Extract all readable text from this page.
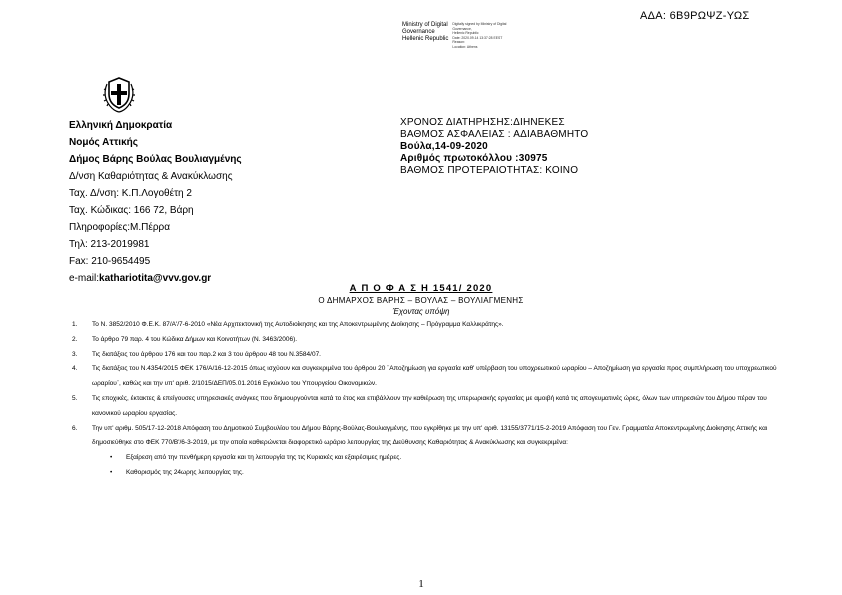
ΑΔΑ: 6Β9ΡΩΨΖ-ΥΩΣ
Ministry of Digital
Governance
Hellenic Republic
Digitally signed by Ministry of Digital Governance,
Hellenic Republic
Date: 2020.09.14 13:37:28 EEST
Reason:
Location: Athens
Ελληνική Δημοκρατία
Νομός Αττικής
Δήμος Βάρης Βούλας Βουλιαγμένης
Δ/νση Καθαριότητας & Ανακύκλωσης
Ταχ. Δ/νση: Κ.Π.Λογοθέτη 2
Ταχ. Κώδικας: 166 72, Βάρη
Πληροφορίες:Μ.Πέρρα
Τηλ: 213-2019981
Fax: 210-9654495
e-mail:kathariotita@vvv.gov.gr
ΧΡΟΝΟΣ ΔΙΑΤΗΡΗΣΗΣ:ΔΙΗΝΕΚΕΣ
ΒΑΘΜΟΣ ΑΣΦΑΛΕΙΑΣ : ΑΔΙΑΒΑΘΜΗΤΟ
Βούλα,14-09-2020
Αριθμός πρωτοκόλλου :30975
ΒΑΘΜΟΣ ΠΡΟΤΕΡΑΙΟΤΗΤΑΣ: ΚΟΙΝΟ
Α Π Ο Φ Α Σ Η 1541/ 2020
Ο ΔΗΜΑΡΧΟΣ ΒΑΡΗΣ – ΒΟΥΛΑΣ – ΒΟΥΛΙΑΓΜΕΝΗΣ
Έχοντας υπόψη
1.	Το Ν. 3852/2010 Φ.Ε.Κ. 87/Α'/7-6-2010 «Νέα Αρχιτεκτονική της Αυτοδιοίκησης και της Αποκεντρωμένης Διοίκησης – Πρόγραμμα Καλλικράτης».
2.	Το άρθρο 79 παρ. 4 του Κώδικα Δήμων και Κοινοτήτων (Ν. 3463/2006).
3.	Τις διατάξεις του άρθρου 176 και του παρ.2 και 3 του άρθρου 48 του Ν.3584/07.
4.	Τις διατάξεις του Ν.4354/2015 ΦΕΚ 176/Α/16-12-2015 όπως ισχύουν και συγκεκριμένα του άρθρου 20 ¨Αποζημίωση για εργασία καθ' υπέρβαση του υποχρεωτικού ωραρίου – Αποζημίωση για εργασία προς συμπλήρωση του υποχρεωτικού ωραρίου¨, καθώς και την υπ' αριθ. 2/1015/ΔΕΠ/05.01.2016 Εγκύκλιο του Υπουργείου Οικονομικών.
5.	Τις εποχικές, έκτακτες & επείγουσες υπηρεσιακές ανάγκες που δημιουργούνται κατά το έτος και επιβάλλουν την καθιέρωση της υπερωριακής εργασίας με αμοιβή κατά τις απογευματινές ώρες, όλων των υπηρεσιών του Δήμου πέραν του κανονικού ωραρίου εργασίας.
6.	Την υπ' αριθμ. 505/17-12-2018 Απόφαση του Δημοτικού Συμβουλίου του Δήμου Βάρης-Βούλας-Βουλιαγμένης, που εγκρίθηκε με την υπ' αριθ. 13155/3771/15-2-2019 Απόφαση του Γεν. Γραμματέα Αποκεντρωμένης Διοίκησης Αττικής και δημοσιεύθηκε στο ΦΕΚ 770/Β'/6-3-2019, με την οποία καθιερώνεται διαφορετικό ωράριο λειτουργίας της Διεύθυνσης Καθαριότητας & Ανακύκλωσης και συγκεκριμένα:
•	Εξαίρεση από την πενθήμερη εργασία και τη λειτουργία της τις Κυριακές και εξαιρέσιμες ημέρες.
•	Καθορισμός της 24ωρης λειτουργίας της.
1
